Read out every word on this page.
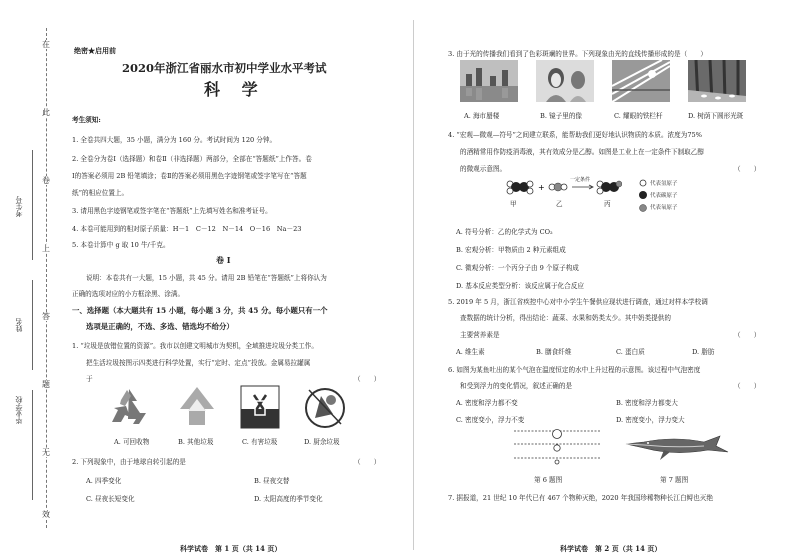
在
此
卷
上
答
题
无
效
考生号
姓名
毕业学校
绝密★启用前
2020年浙江省丽水市初中学业水平考试
科 学
考生须知:
1. 全卷共四大题，35 小题，满分为 160 分。考试时间为 120 分钟。
2. 全卷分为卷Ⅰ（选择题）和卷Ⅱ（非选择题）两部分，全部在“答题纸”上作答。卷
Ⅰ的答案必须用 2B 铅笔填涂；卷Ⅱ的答案必须用黑色字迹钢笔或签字笔写在“答题
纸”的相应位置上。
3. 请用黑色字迹钢笔或签字笔在“答题纸”上先填写姓名和准考证号。
4. 本卷可能用到的相对原子质量：H－1　C－12　N－14　O－16　Na－23
5. 本卷计算中 g 取 10 牛/千克。
卷 Ⅰ
说明：本卷共有一大题，15 小题，共 45 分。请用 2B 铅笔在“答题纸”上将你认为
正确的选项对应的小方框涂黑、涂满。
一、选择题（本大题共有 15 小题，每小题 3 分，共 45 分。每小题只有一个
选项是正确的，不选、多选、错选均不给分）
1. “垃圾是放错位置的资源”。我市以创建文明城市为契机，全域推进垃圾分类工作。
把生活垃圾按图示四类进行科学处置，实行“定时、定点”投放。金属易拉罐属
于	（　　）
A. 可回收物	B. 其他垃圾	C. 有害垃圾	D. 厨余垃圾
2. 下列现象中，由于地球自转引起的是	（　　）
A. 四季变化	B. 昼夜交替
C. 昼夜长短变化	D. 太阳高度的季节变化
科学试卷　第 1 页（共 14 页）
3. 由于光的传播我们看到了色彩斑斓的世界。下列现象由光的直线传播形成的是（　　）
A. 海市蜃楼	B. 镜子里的像	C. 耀眼的铁栏杆	D. 树荫下圆形光斑
4. “宏观—微观—符号”之间建立联系，能帮助我们更好地认识物质的本质。浓度为75%
的酒精常用作防疫消毒液，其有效成分是乙醇。如图是工业上在一定条件下制取乙醇
的微观示意图。	（　　）
+
一定条件
甲	乙	丙
代表氢原子
代表碳原子
代表氧原子
A. 符号分析：乙的化学式为 CO₂
B. 宏观分析：甲物质由 2 种元素组成
C. 微观分析：一个丙分子由 9 个原子构成
D. 基本反应类型分析：该反应属于化合反应
5. 2019 年 5 月，浙江省疾控中心对中小学生午餐供应现状进行调查，通过对样本学校调
查数据的统计分析，得出结论：蔬菜、水果和奶类太少。其中奶类提供的
主要营养素是	（　　）
A. 维生素	B. 膳食纤维	C. 蛋白质	D. 脂肪
6. 如图为某鱼吐出的某个气泡在温度恒定的水中上升过程的示意图。该过程中气泡密度
和受到浮力的变化情况，叙述正确的是	（　　）
A. 密度和浮力都不变	B. 密度和浮力都变大
C. 密度变小，浮力不变	D. 密度变小，浮力变大
第 6 题图	第 7 题图
7. 据报道，21 世纪 10 年代已有 467 个物种灭绝，2020 年我国珍稀物种长江白鲟也灭绝
科学试卷　第 2 页（共 14 页）
